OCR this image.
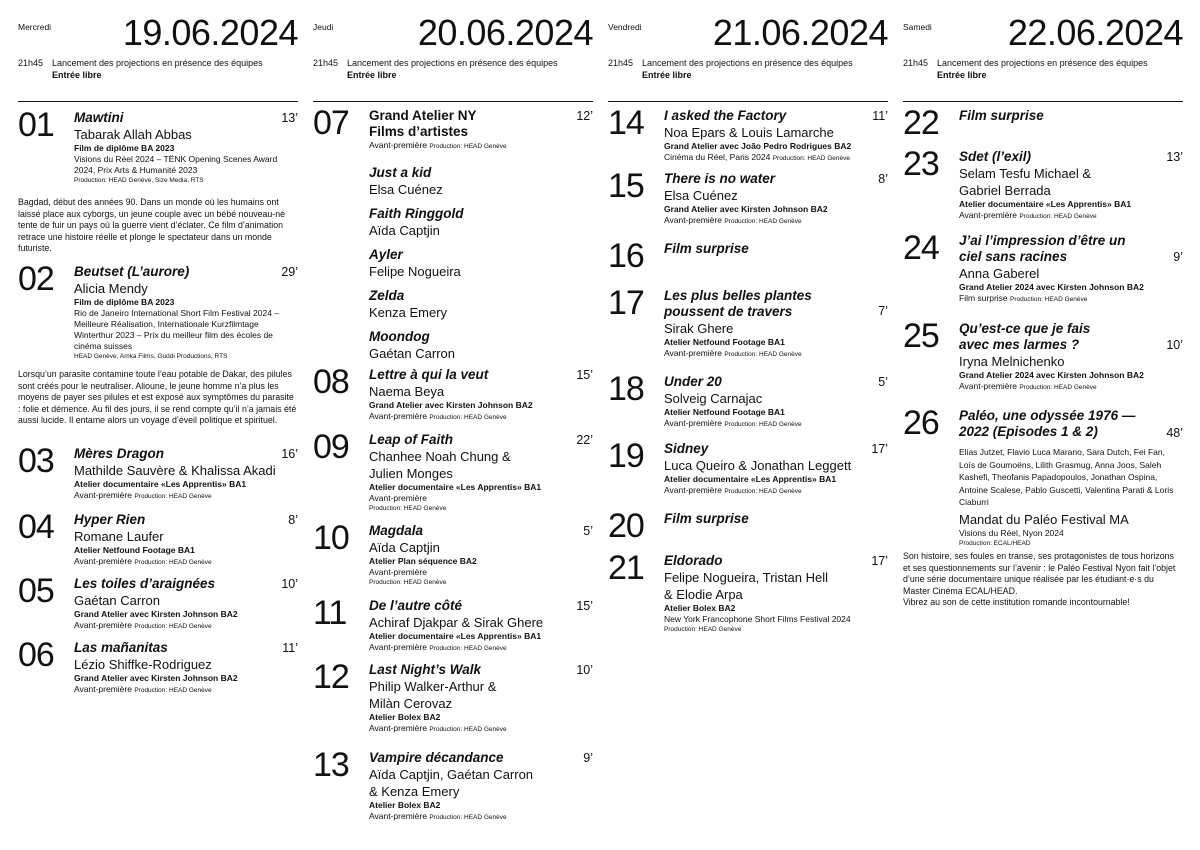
Mercredi 19.06.2024
21h45 Lancement des projections en présence des équipes
Entrée libre
01 Mawtini	13’
Tabarak Allah Abbas
Film de diplôme BA 2023
Visions du Réel 2024 – TËNK Opening Scenes Award 2024, Prix Arts & Humanité 2023
Production: HEAD Genève, Size Media, RTS
Bagdad, début des années 90. Dans un monde où les humains ont laissé place aux cyborgs, un jeune couple avec un bébé nouveau-né tente de fuir un pays où la guerre vient d’éclater. Ce film d’animation retrace une histoire réelle et plonge le spectateur dans un monde futuriste.
02 Beutset (L’aurore)	29’
Alicia Mendy
Film de diplôme BA 2023
Rio de Janeiro International Short Film Festival 2024 – Meilleure Réalisation, Internationale Kurzfilmtage Winterthur 2023 – Prix du meilleur film des écoles de cinéma suisses
HEAD Genève, Amka Films, Guddi Productions, RTS
Lorsqu’un parasite contamine toute l’eau potable de Dakar, des pilules sont créés pour le neutraliser. Alioune, le jeune homme n’a plus les moyens de payer ses pilules et est exposé aux symptômes du parasite : folie et démence. Au fil des jours, il se rend compte qu’il n’a jamais été aussi lucide. Il entame alors un voyage d’éveil politique et spirituel.
03 Mères Dragon	16’
Mathilde Sauvère & Khalissa Akadi
Atelier documentaire «Les Apprentis» BA1
Avant-première Production: HEAD Genève
04 Hyper Rien	8’
Romane Laufer
Atelier Netfound Footage BA1
Avant-première Production: HEAD Genève
05 Les toiles d’araignées	10’
Gaétan Carron
Grand Atelier avec Kirsten Johnson BA2
Avant-première Production: HEAD Genève
06 Las mañanitas	11’
Lézio Shiffke-Rodriguez
Grand Atelier avec Kirsten Johnson BA2
Avant-première Production: HEAD Genève
Jeudi 20.06.2024
21h45 Lancement des projections en présence des équipes
Entrée libre
07 Grand Atelier NY Films d’artistes
12’
Avant-première Production: HEAD Genève
Just a kid
Elsa Cuénez
Faith Ringgold
Aïda Captjin
Ayler
Felipe Nogueira
Zelda
Kenza Emery
Moondog
Gaétan Carron
08 Lettre à qui la veut	15’
Naema Beya
Grand Atelier avec Kirsten Johnson BA2
Avant-première Production: HEAD Genève
09 Leap of Faith	22’
Chanhee Noah Chung & Julien Monges
Atelier documentaire «Les Apprentis» BA1
Avant-première
Production: HEAD Genève
10 Magdala	5’
Aïda Captjin
Atelier Plan séquence BA2
Avant-première
Production: HEAD Genève
11 De l’autre côté	15’
Achiraf Djakpar & Sirak Ghere
Atelier documentaire «Les Apprentis» BA1
Avant-première Production: HEAD Genève
12 Last Night’s Walk	10’
Philip Walker-Arthur & Milàn Cerovaz
Atelier Bolex BA2
Avant-première Production: HEAD Genève
13 Vampire décandance	9’
Aïda Captjin, Gaétan Carron & Kenza Emery
Atelier Bolex BA2
Avant-première Production: HEAD Genève
Vendredi 21.06.2024
21h45 Lancement des projections en présence des équipes
Entrée libre
14 I asked the Factory	11’
Noa Epars & Louis Lamarche
Grand Atelier avec João Pedro Rodrigues BA2
Cinéma du Réel, Paris 2024 Production: HEAD Genève
15 There is no water	8’
Elsa Cuénez
Grand Atelier avec Kirsten Johnson BA2
Avant-première Production: HEAD Genève
16 Film surprise
17 Les plus belles plantes poussent de travers	7’
Sirak Ghere
Atelier Netfound Footage BA1
Avant-première Production: HEAD Genève
18 Under 20	5’
Solveig Carnajac
Atelier Netfound Footage BA1
Avant-première Production: HEAD Genève
19 Sidney	17’
Luca Queiro & Jonathan Leggett
Atelier documentaire «Les Apprentis» BA1
Avant-première Production: HEAD Genève
20 Film surprise
21 Eldorado	17’
Felipe Nogueira, Tristan Hell & Elodie Arpa
Atelier Bolex BA2
New York Francophone Short Films Festival 2024
Production: HEAD Genève
Samedi 22.06.2024
21h45 Lancement des projections en présence des équipes
Entrée libre
22 Film surprise
23 Sdet (l’exil)	13’
Selam Tesfu Michael & Gabriel Berrada
Atelier documentaire «Les Apprentis» BA1
Avant-première Production: HEAD Genève
24 J’ai l’impression d’être un ciel sans racines	9’
Anna Gaberel
Grand Atelier 2024 avec Kirsten Johnson BA2
Film surprise Production: HEAD Genève
25 Qu’est-ce que je fais avec mes larmes ?	10’
Iryna Melnichenko
Grand Atelier 2024 avec Kirsten Johnson BA2
Avant-première Production: HEAD Genève
26 Paléo, une odyssée 1976 — 2022 (Episodes 1 & 2)	48’
Elias Jutzet, Flavio Luca Marano, Sara Dutch, Fei Fan, Loïs de Goumoëns, Lilith Grasmug, Anna Joos, Saleh Kashefi, Theofanis Papadopoulos, Jonathan Ospina, Antoine Scalese, Pablo Guscetti, Valentina Parati & Loris Ciaburri
Mandat du Paléo Festival MA
Visions du Réel, Nyon 2024
Production: ECAL/HEAD
Son histoire, ses foules en transe, ses protagonistes de tous horizons et ses questionnements sur l’avenir : le Paléo Festival Nyon fait l’objet d’une série documentaire unique réalisée par les étudiant·e·s du Master Cinéma ECAL/HEAD.
Vibrez au son de cette institution romande incontournable!
